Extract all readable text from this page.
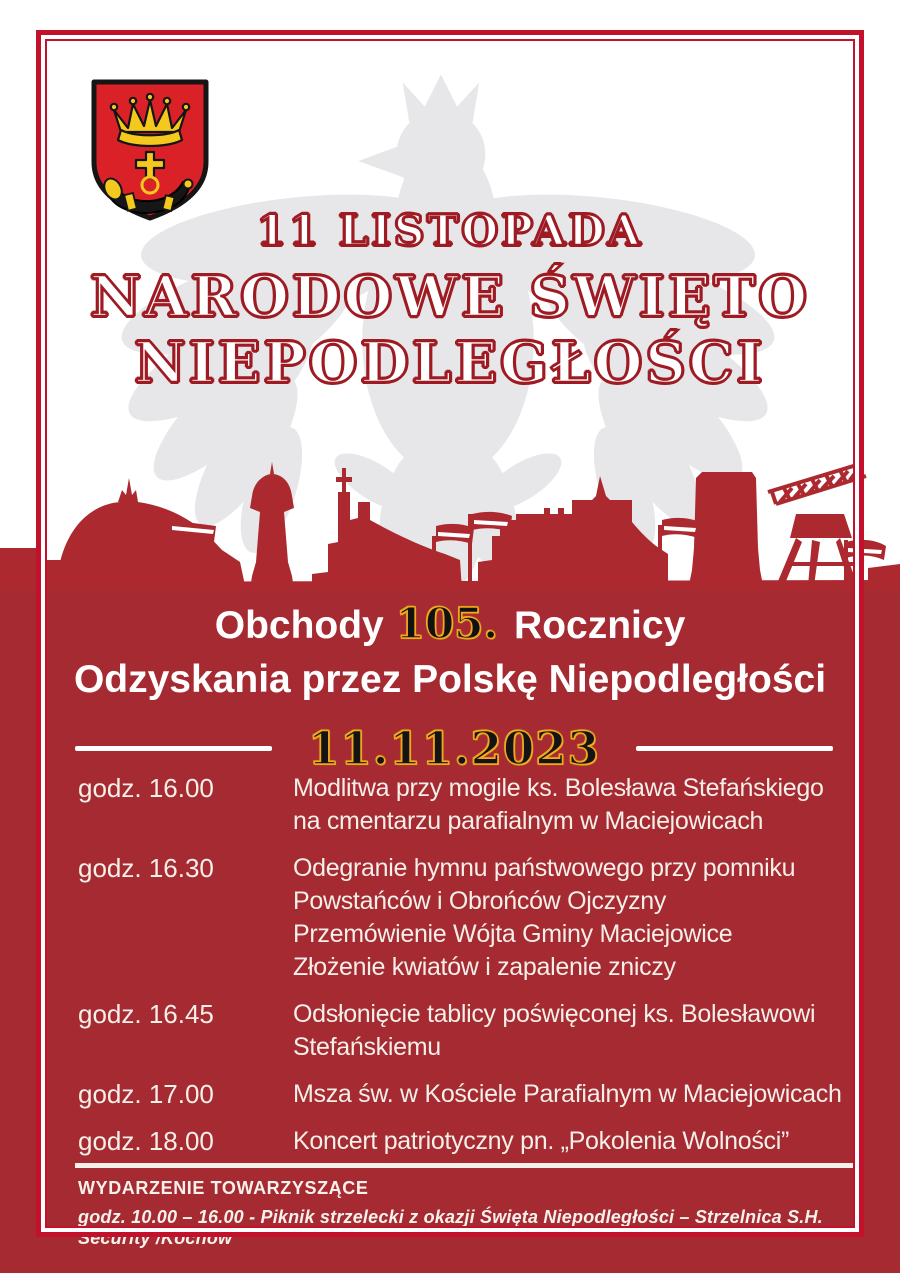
11 LISTOPADA
NARODOWE ŚWIĘTO
NIEPODLEGŁOŚCI
Obchody 105. Rocznicy
Odzyskania przez Polskę Niepodległości
11.11.2023
godz. 16.00	Modlitwa przy mogile ks. Bolesława Stefańskiego
na cmentarzu parafialnym w Maciejowicach
godz. 16.30	Odegranie hymnu państwowego przy pomniku
Powstańców i Obrońców Ojczyzny
Przemówienie Wójta Gminy Maciejowice
Złożenie kwiatów i zapalenie zniczy
godz. 16.45	Odsłonięcie tablicy poświęconej ks. Bolesławowi
Stefańskiemu
godz. 17.00	Msza św. w Kościele Parafialnym w Maciejowicach
godz. 18.00	Koncert patriotyczny pn. „Pokolenia Wolności”
WYDARZENIE TOWARZYSZĄCE
godz. 10.00 – 16.00 - Piknik strzelecki z okazji Święta Niepodległości – Strzelnica S.H. Security /Kochów
